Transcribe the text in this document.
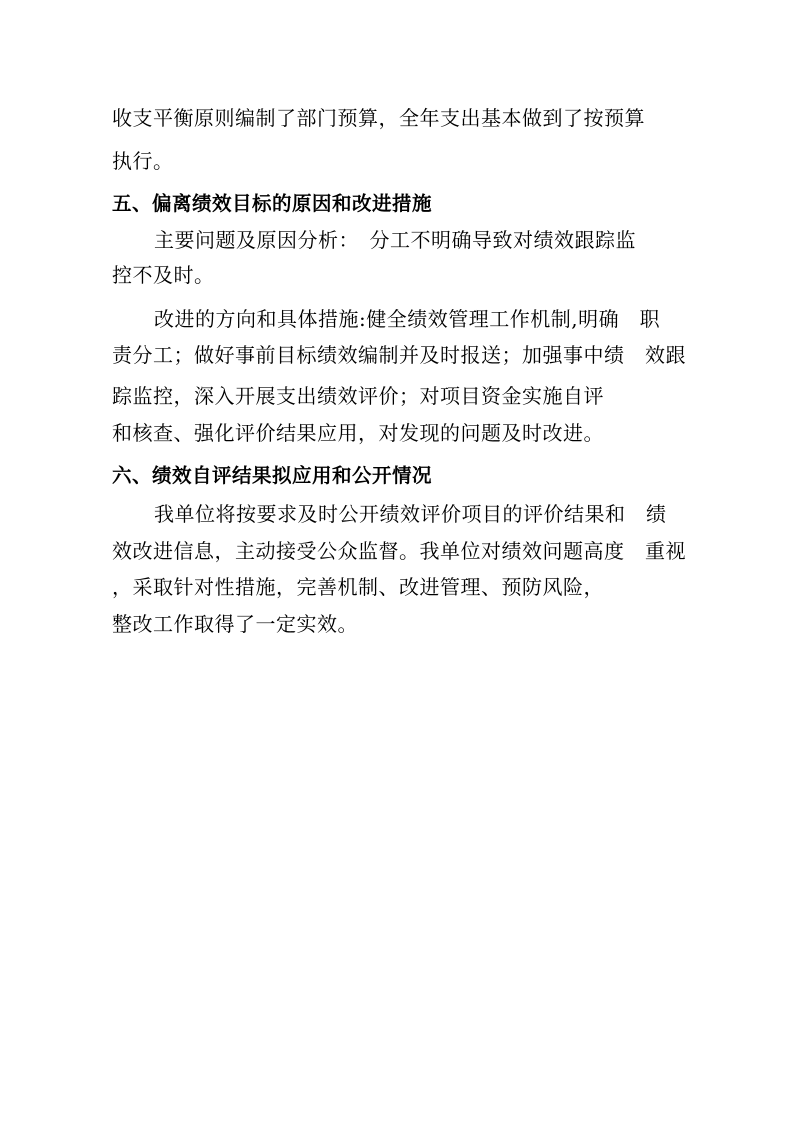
收支平衡原则编制了部门预算，全年支出基本做到了按预算
执行。
五、偏离绩效目标的原因和改进措施
主要问题及原因分析：　分工不明确导致对绩效跟踪监
控不及时。
改进的方向和具体措施:健全绩效管理工作机制,明确　职
责分工；做好事前目标绩效编制并及时报送；加强事中绩　效跟
踪监控，深入开展支出绩效评价；对项目资金实施自评
和核查、强化评价结果应用，对发现的问题及时改进。
六、绩效自评结果拟应用和公开情况
我单位将按要求及时公开绩效评价项目的评价结果和　绩
效改进信息，主动接受公众监督。我单位对绩效问题高度　重视
，采取针对性措施，完善机制、改进管理、预防风险，
整改工作取得了一定实效。
